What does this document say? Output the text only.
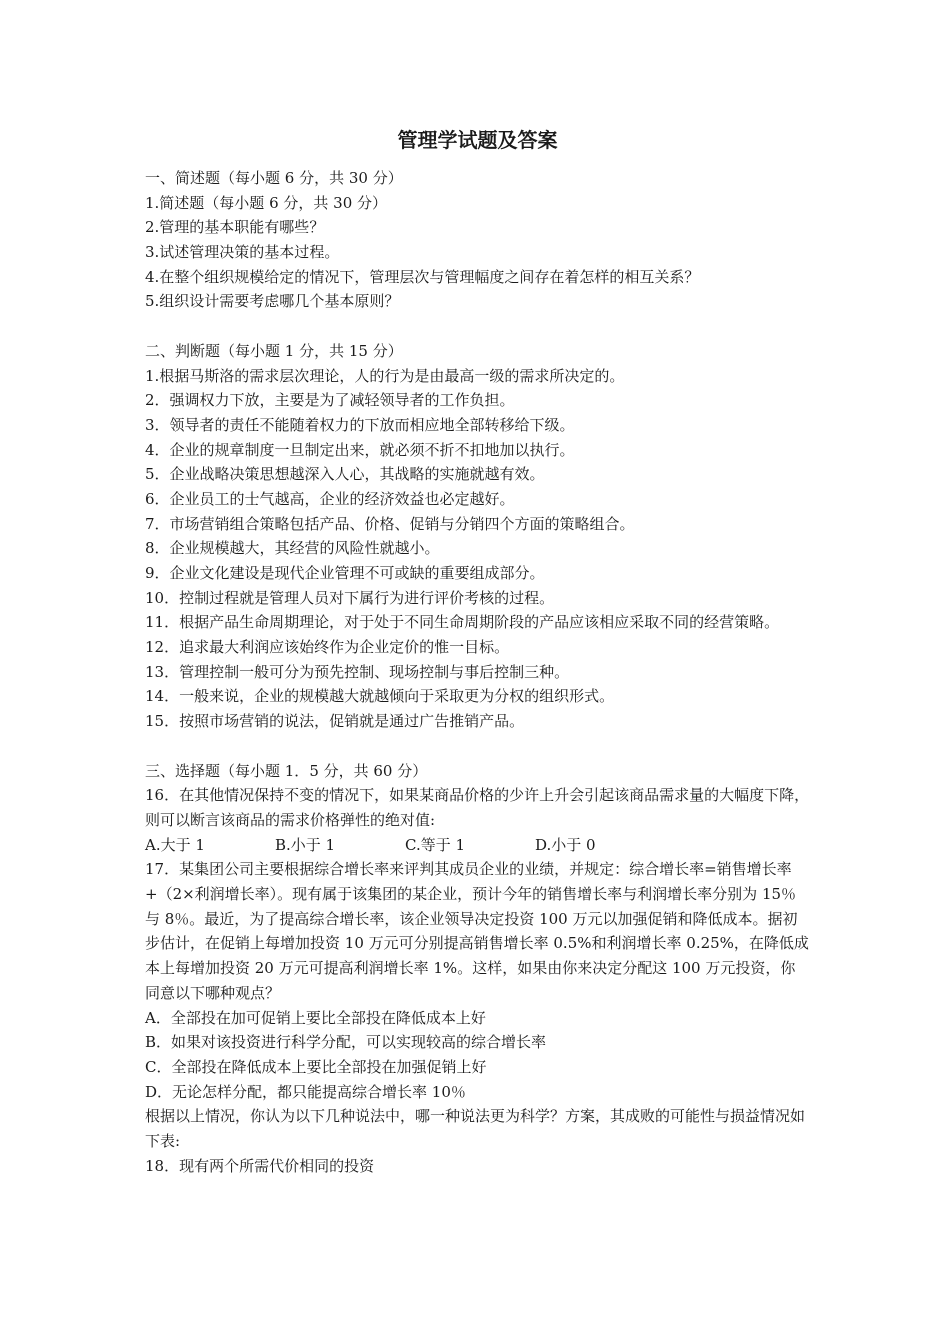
管理学试题及答案
一、简述题（每小题 6 分，共 30 分）
1.简述题（每小题 6 分，共 30 分）
2.管理的基本职能有哪些？
3.试述管理决策的基本过程。
4.在整个组织规模给定的情况下，管理层次与管理幅度之间存在着怎样的相互关系？
5.组织设计需要考虑哪几个基本原则？
二、判断题（每小题 1 分，共 15 分）
1.根据马斯洛的需求层次理论，人的行为是由最高一级的需求所决定的。
2．强调权力下放，主要是为了减轻领导者的工作负担。
3．领导者的责任不能随着权力的下放而相应地全部转移给下级。
4．企业的规章制度一旦制定出来，就必须不折不扣地加以执行。
5．企业战略决策思想越深入人心，其战略的实施就越有效。
6．企业员工的士气越高，企业的经济效益也必定越好。
7．市场营销组合策略包括产品、价格、促销与分销四个方面的策略组合。
8．企业规模越大，其经营的风险性就越小。
9．企业文化建设是现代企业管理不可或缺的重要组成部分。
10．控制过程就是管理人员对下属行为进行评价考核的过程。
11．根据产品生命周期理论，对于处于不同生命周期阶段的产品应该相应采取不同的经营策略。
12．追求最大利润应该始终作为企业定价的惟一目标。
13．管理控制一般可分为预先控制、现场控制与事后控制三种。
14．一般来说，企业的规模越大就越倾向于采取更为分权的组织形式。
15．按照市场营销的说法，促销就是通过广告推销产品。
三、选择题（每小题 1．5 分，共 60 分）
16．在其他情况保持不变的情况下，如果某商品价格的少许上升会引起该商品需求量的大幅度下降，则可以断言该商品的需求价格弹性的绝对值:
A.大于 1	B.小于 1	C.等于 1	D.小于 0
17．某集团公司主要根据综合增长率来评判其成员企业的业绩，并规定：综合增长率=销售增长率+（2×利润增长率）。现有属于该集团的某企业，预计今年的销售增长率与利润增长率分别为 15％与 8％。最近，为了提高综合增长率，该企业领导决定投资 100 万元以加强促销和降低成本。据初步估计，在促销上每增加投资 10 万元可分别提高销售增长率 0.5%和利润增长率 0.25%，在降低成本上每增加投资 20 万元可提高利润增长率 1%。这样，如果由你来决定分配这 100 万元投资，你同意以下哪种观点？
A．全部投在加可促销上要比全部投在降低成本上好
B．如果对该投资进行科学分配，可以实现较高的综合增长率
C．全部投在降低成本上要比全部投在加强促销上好
D．无论怎样分配，都只能提高综合增长率 10％
根据以上情况，你认为以下几种说法中，哪一种说法更为科学？方案，其成败的可能性与损益情况如下表:
18．现有两个所需代价相同的投资
